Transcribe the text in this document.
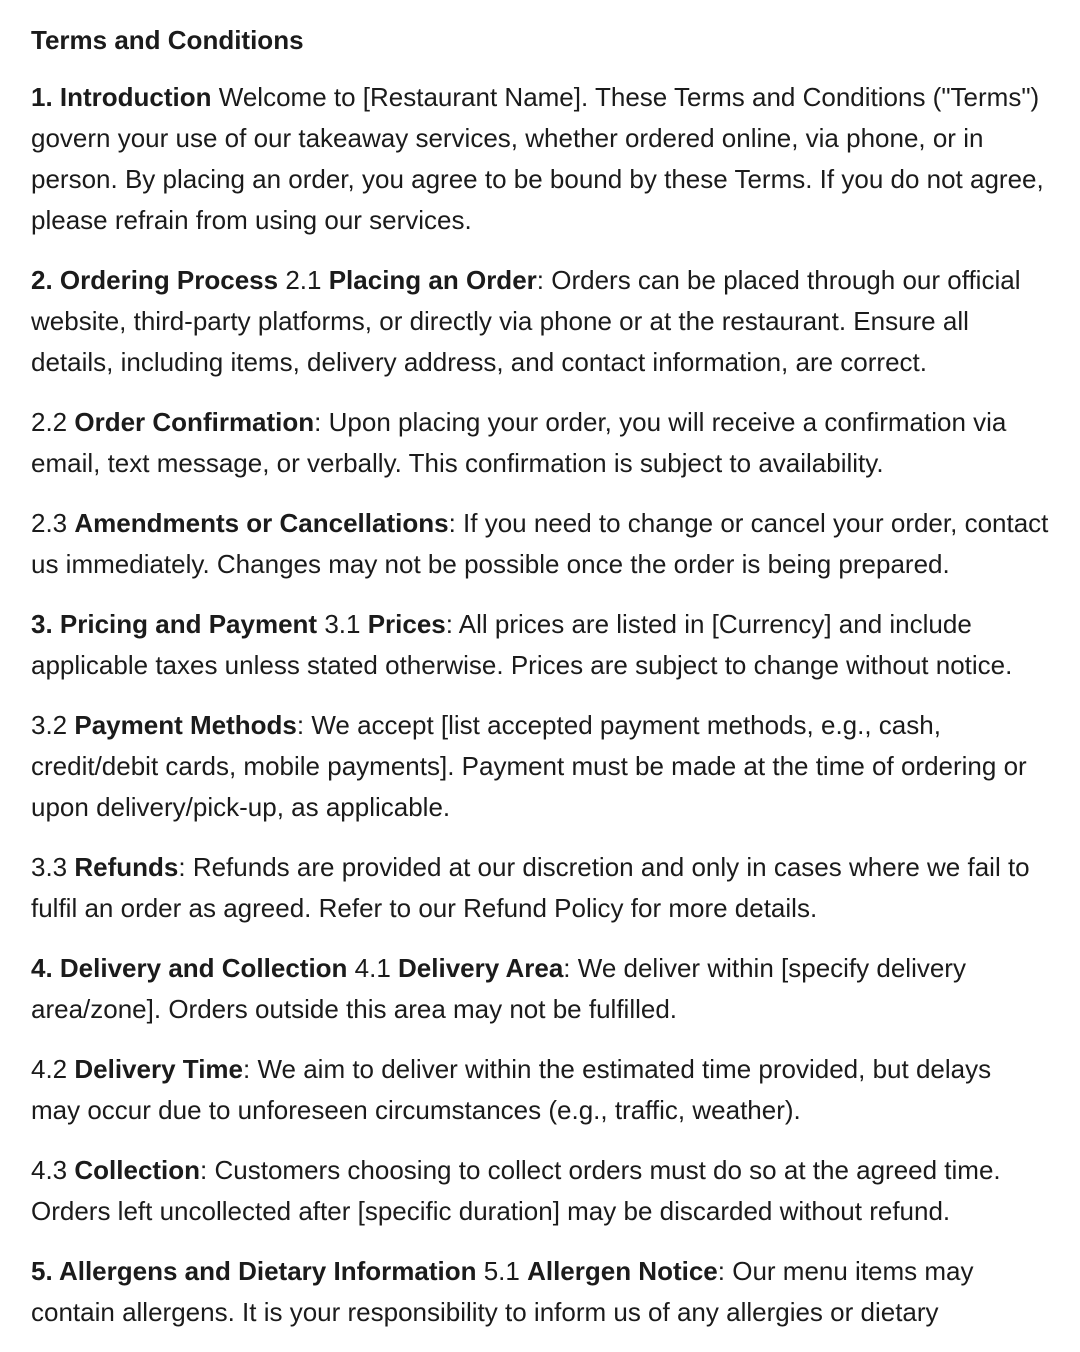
Terms and Conditions
1. Introduction Welcome to [Restaurant Name]. These Terms and Conditions ("Terms")
govern your use of our takeaway services, whether ordered online, via phone, or in
person. By placing an order, you agree to be bound by these Terms. If you do not agree,
please refrain from using our services.
2. Ordering Process 2.1 Placing an Order: Orders can be placed through our official
website, third-party platforms, or directly via phone or at the restaurant. Ensure all
details, including items, delivery address, and contact information, are correct.
2.2 Order Confirmation: Upon placing your order, you will receive a confirmation via
email, text message, or verbally. This confirmation is subject to availability.
2.3 Amendments or Cancellations: If you need to change or cancel your order, contact
us immediately. Changes may not be possible once the order is being prepared.
3. Pricing and Payment 3.1 Prices: All prices are listed in [Currency] and include
applicable taxes unless stated otherwise. Prices are subject to change without notice.
3.2 Payment Methods: We accept [list accepted payment methods, e.g., cash,
credit/debit cards, mobile payments]. Payment must be made at the time of ordering or
upon delivery/pick-up, as applicable.
3.3 Refunds: Refunds are provided at our discretion and only in cases where we fail to
fulfil an order as agreed. Refer to our Refund Policy for more details.
4. Delivery and Collection 4.1 Delivery Area: We deliver within [specify delivery
area/zone]. Orders outside this area may not be fulfilled.
4.2 Delivery Time: We aim to deliver within the estimated time provided, but delays
may occur due to unforeseen circumstances (e.g., traffic, weather).
4.3 Collection: Customers choosing to collect orders must do so at the agreed time.
Orders left uncollected after [specific duration] may be discarded without refund.
5. Allergens and Dietary Information 5.1 Allergen Notice: Our menu items may
contain allergens. It is your responsibility to inform us of any allergies or dietary
